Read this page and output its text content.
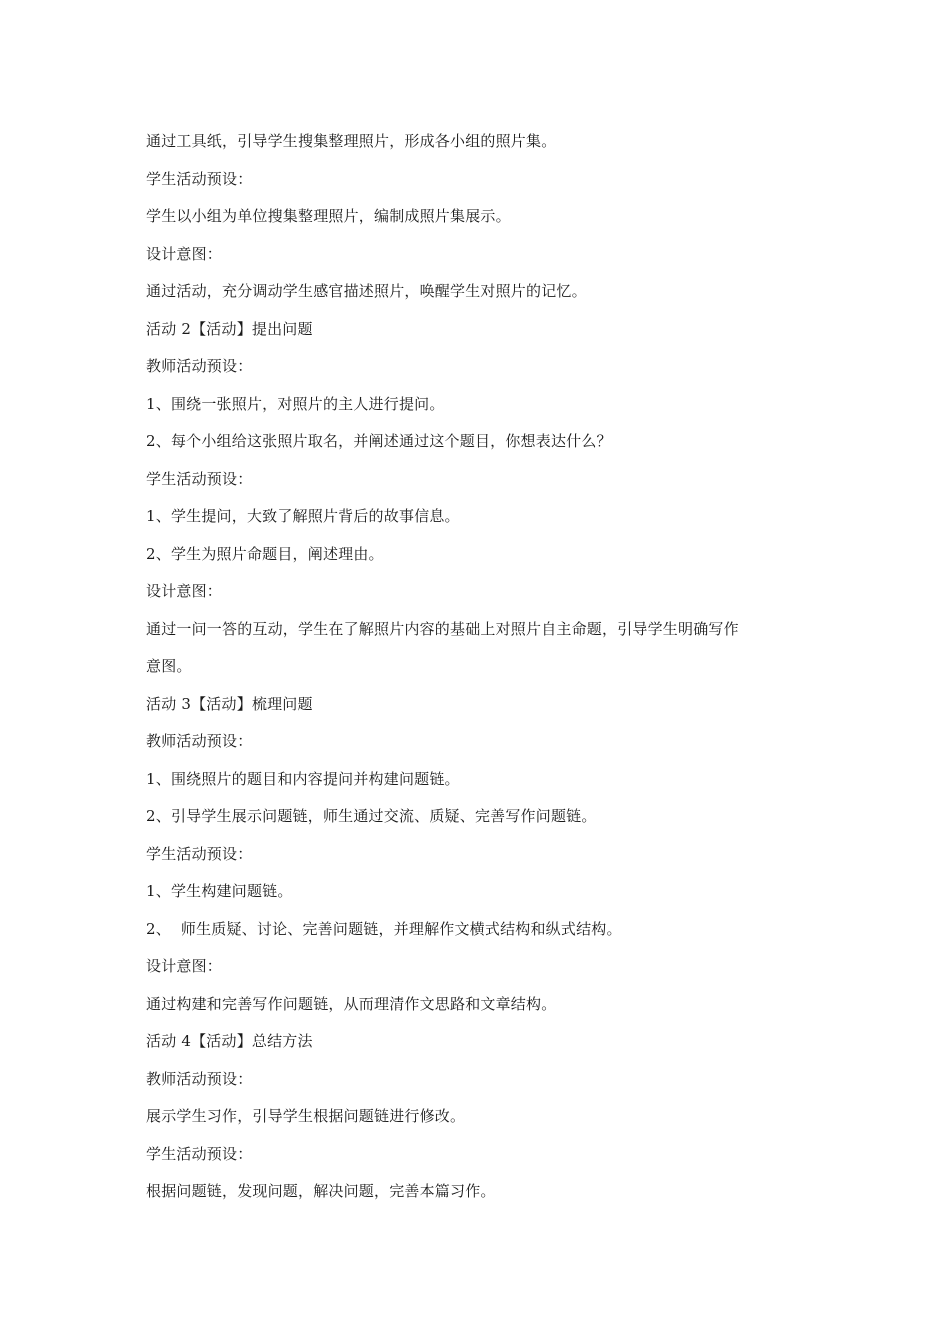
通过工具纸，引导学生搜集整理照片，形成各小组的照片集。
学生活动预设：
学生以小组为单位搜集整理照片，编制成照片集展示。
设计意图：
通过活动，充分调动学生感官描述照片，唤醒学生对照片的记忆。
活动 2【活动】提出问题
教师活动预设：
1、围绕一张照片，对照片的主人进行提问。
2、每个小组给这张照片取名，并阐述通过这个题目，你想表达什么？
学生活动预设：
1、学生提问，大致了解照片背后的故事信息。
2、学生为照片命题目，阐述理由。
设计意图：
通过一问一答的互动，学生在了解照片内容的基础上对照片自主命题，引导学生明确写作
意图。
活动 3【活动】梳理问题
教师活动预设：
1、围绕照片的题目和内容提问并构建问题链。
2、引导学生展示问题链，师生通过交流、质疑、完善写作问题链。
学生活动预设：
1、学生构建问题链。
2、  师生质疑、讨论、完善问题链，并理解作文横式结构和纵式结构。
设计意图：
通过构建和完善写作问题链，从而理清作文思路和文章结构。
活动 4【活动】总结方法
教师活动预设：
展示学生习作，引导学生根据问题链进行修改。
学生活动预设：
根据问题链，发现问题，解决问题，完善本篇习作。
